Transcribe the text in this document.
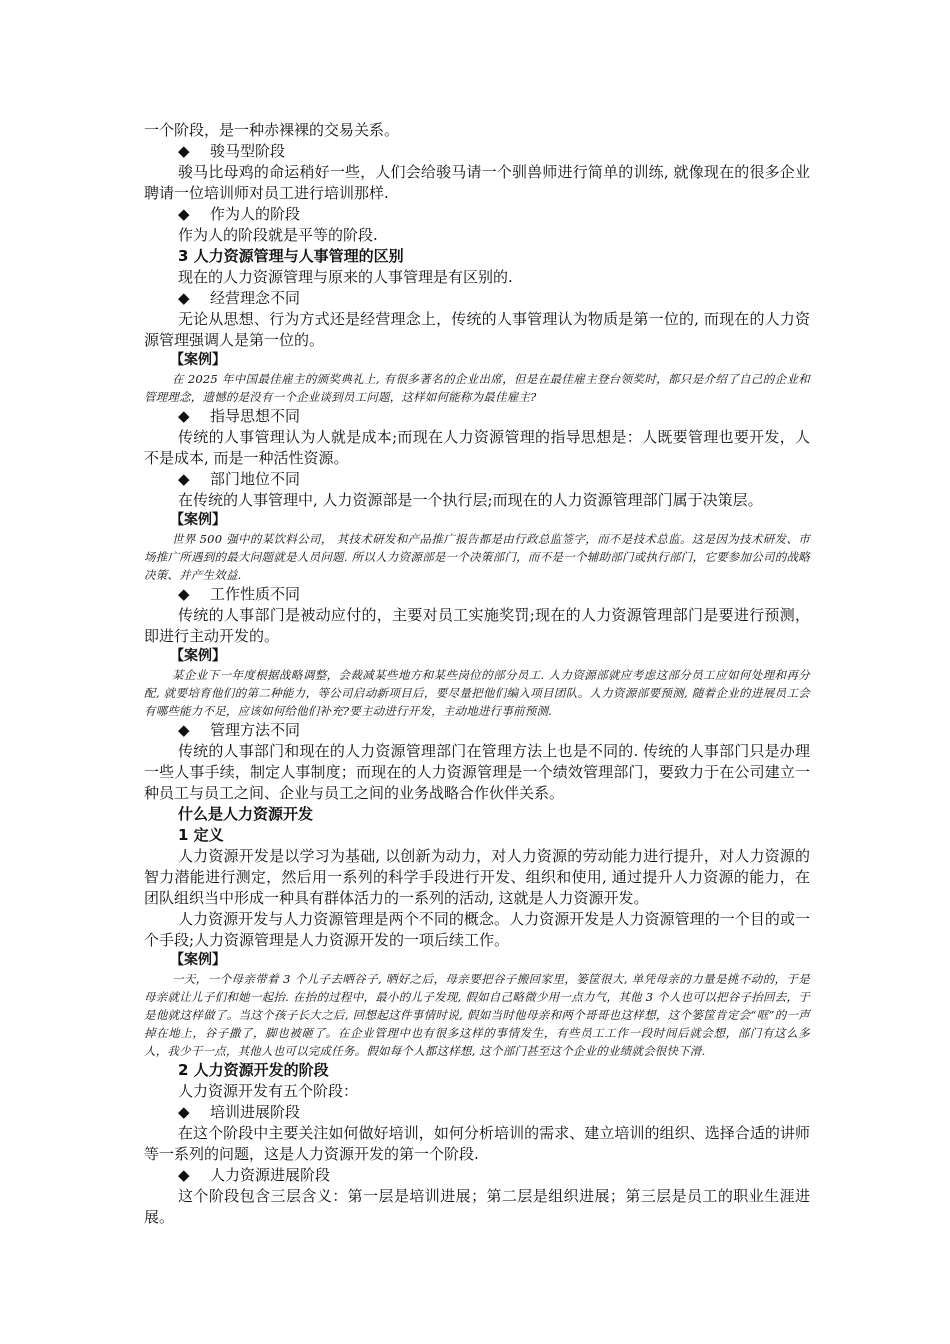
一个阶段，是一种赤裸裸的交易关系。

◆ 骏马型阶段

骏马比母鸡的命运稍好一些，人们会给骏马请一个驯兽师进行简单的训练, 就像现在的很多企业聘请一位培训师对员工进行培训那样.

◆ 作为人的阶段

作为人的阶段就是平等的阶段.

3 人力资源管理与人事管理的区别

现在的人力资源管理与原来的人事管理是有区别的.

◆ 经营理念不同

无论从思想、行为方式还是经营理念上，传统的人事管理认为物质是第一位的, 而现在的人力资源管理强调人是第一位的。

【案例】

在 2025 年中国最佳雇主的颁奖典礼上, 有很多著名的企业出席，但是在最佳雇主登台领奖时，都只是介绍了自己的企业和管理理念，遗憾的是没有一个企业谈到员工问题，这样如何能称为最佳雇主?

◆ 指导思想不同

传统的人事管理认为人就是成本;而现在人力资源管理的指导思想是：人既要管理也要开发，人不是成本, 而是一种活性资源。

◆ 部门地位不同

在传统的人事管理中, 人力资源部是一个执行层;而现在的人力资源管理部门属于决策层。

【案例】

世界 500 强中的某饮料公司， 其技术研发和产品推广报告都是由行政总监签字，而不是技术总监。这是因为技术研发、市场推广所遇到的最大问题就是人员问题. 所以人力资源部是一个决策部门，而不是一个辅助部门或执行部门，它要参加公司的战略决策、并产生效益.

◆ 工作性质不同

传统的人事部门是被动应付的，主要对员工实施奖罚;现在的人力资源管理部门是要进行预测，即进行主动开发的。

【案例】

某企业下一年度根据战略调整，会裁减某些地方和某些岗位的部分员工. 人力资源部就应考虑这部分员工应如何处理和再分配, 就要培育他们的第二种能力，等公司启动新项目后，要尽量把他们编入项目团队。人力资源部要预测, 随着企业的进展员工会有哪些能力不足，应该如何给他们补充?要主动进行开发，主动地进行事前预测.

◆ 管理方法不同

传统的人事部门和现在的人力资源管理部门在管理方法上也是不同的. 传统的人事部门只是办理一些人事手续，制定人事制度；而现在的人力资源管理是一个绩效管理部门，要致力于在公司建立一种员工与员工之间、企业与员工之间的业务战略合作伙伴关系。

什么是人力资源开发

1 定义

人力资源开发是以学习为基础, 以创新为动力，对人力资源的劳动能力进行提升，对人力资源的智力潜能进行测定，然后用一系列的科学手段进行开发、组织和使用, 通过提升人力资源的能力，在团队组织当中形成一种具有群体活力的一系列的活动, 这就是人力资源开发。

人力资源开发与人力资源管理是两个不同的概念。人力资源开发是人力资源管理的一个目的或一个手段;人力资源管理是人力资源开发的一项后续工作。

【案例】

一天，一个母亲带着 3 个儿子去晒谷子, 晒好之后，母亲要把谷子搬回家里，篓筐很大, 单凭母亲的力量是挑不动的，于是母亲就让儿子们和她一起抬. 在抬的过程中，最小的儿子发现, 假如自己略微少用一点力气，其他 3 个人也可以把谷子抬回去，于是他就这样做了。当这个孩子长大之后, 回想起这件事情时说, 假如当时他母亲和两个哥哥也这样想，这个篓筐肯定会“哐”的一声掉在地上，谷子撒了，脚也被砸了。在企业管理中也有很多这样的事情发生，有些员工工作一段时间后就会想，部门有这么多人，我少干一点，其他人也可以完成任务。假如每个人都这样想, 这个部门甚至这个企业的业绩就会很快下滑.

2 人力资源开发的阶段

人力资源开发有五个阶段：

◆ 培训进展阶段

在这个阶段中主要关注如何做好培训，如何分析培训的需求、建立培训的组织、选择合适的讲师等一系列的问题，这是人力资源开发的第一个阶段.

◆ 人力资源进展阶段

这个阶段包含三层含义：第一层是培训进展；第二层是组织进展；第三层是员工的职业生涯进展。
